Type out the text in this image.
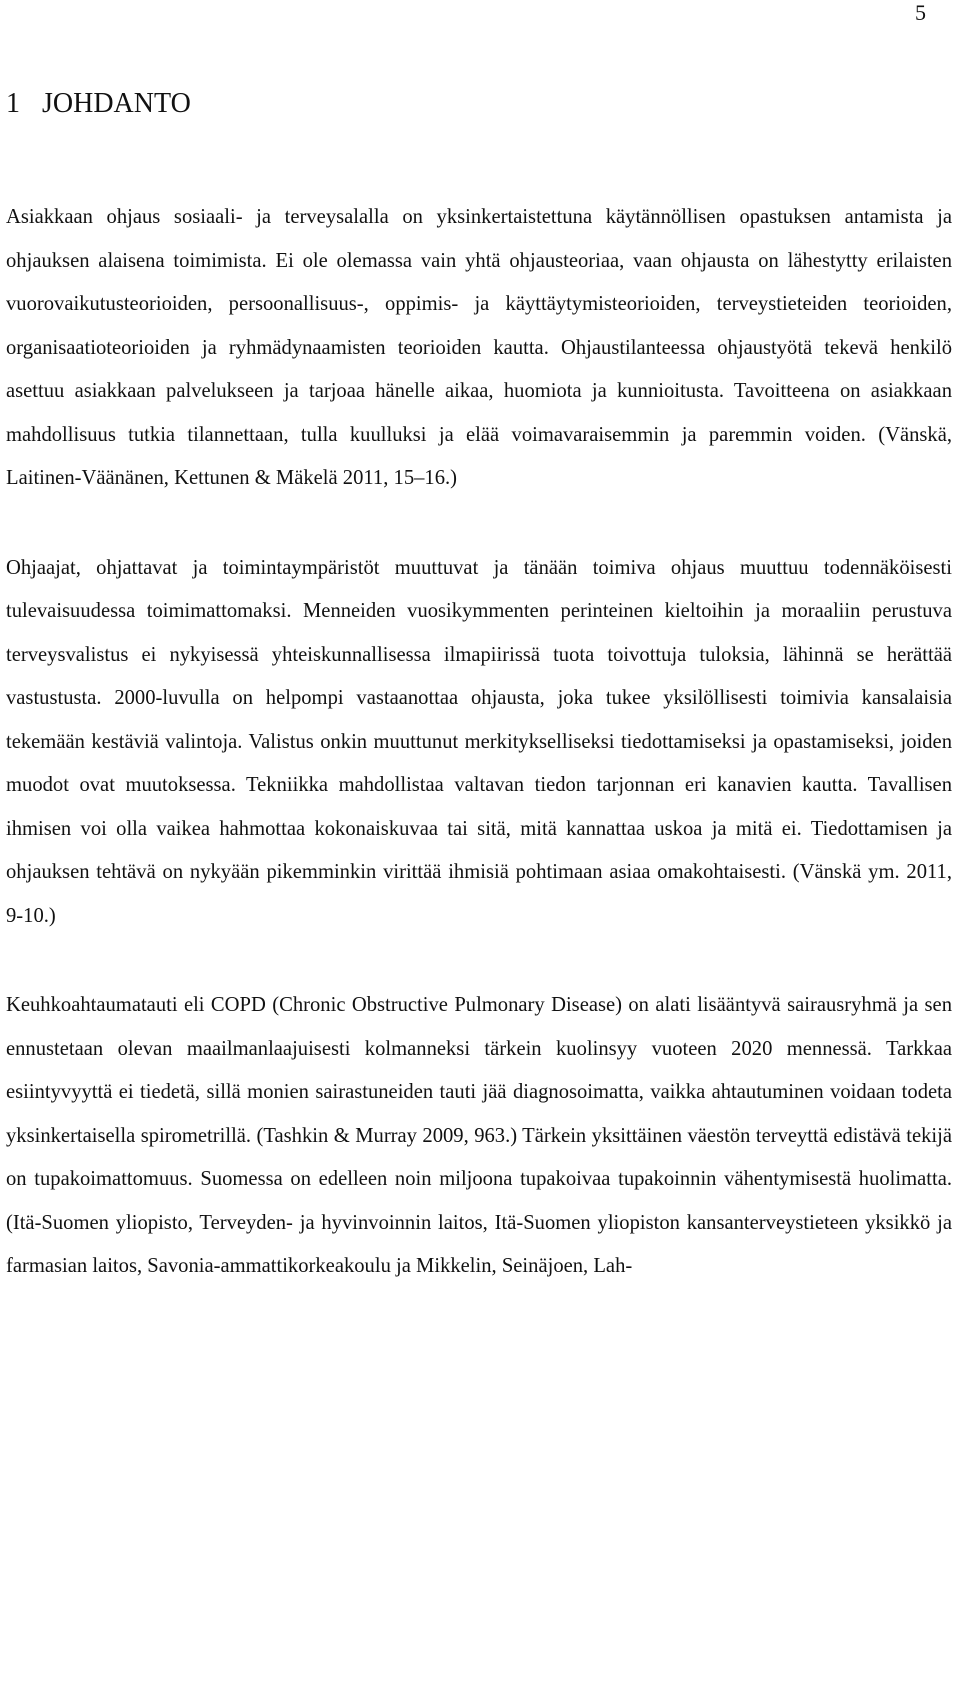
5
1 JOHDANTO

Asiakkaan ohjaus sosiaali- ja terveysalalla on yksinkertaistettuna käytännöllisen opastuksen antamista ja ohjauksen alaisena toimimista. Ei ole olemassa vain yhtä ohjausteoriaa, vaan ohjausta on lähestytty erilaisten vuorovaikutusteorioiden, persoonallisuus-, oppimis- ja käyttäytymisteorioiden, terveystieteiden teorioiden, organisaatioteorioiden ja ryhmädynaamisten teorioiden kautta. Ohjaustilanteessa ohjaustyötä tekevä henkilö asettuu asiakkaan palvelukseen ja tarjoaa hänelle aikaa, huomiota ja kunnioitusta. Tavoitteena on asiakkaan mahdollisuus tutkia tilannettaan, tulla kuulluksi ja elää voimavaraisemmin ja paremmin voiden. (Vänskä, Laitinen-Väänänen, Kettunen & Mäkelä 2011, 15–16.)

Ohjaajat, ohjattavat ja toimintaympäristöt muuttuvat ja tänään toimiva ohjaus muuttuu todennäköisesti tulevaisuudessa toimimattomaksi. Menneiden vuosikymmenten perinteinen kieltoihin ja moraaliin perustuva terveysvalistus ei nykyisessä yhteiskunnallisessa ilmapiirissä tuota toivottuja tuloksia, lähinnä se herättää vastustusta. 2000-luvulla on helpompi vastaanottaa ohjausta, joka tukee yksilöllisesti toimivia kansalaisia tekemään kestäviä valintoja. Valistus onkin muuttunut merkitykselliseksi tiedottamiseksi ja opastamiseksi, joiden muodot ovat muutoksessa. Tekniikka mahdollistaa valtavan tiedon tarjonnan eri kanavien kautta. Tavallisen ihmisen voi olla vaikea hahmottaa kokonaiskuvaa tai sitä, mitä kannattaa uskoa ja mitä ei. Tiedottamisen ja ohjauksen tehtävä on nykyään pikemminkin virittää ihmisiä pohtimaan asiaa omakohtaisesti. (Vänskä ym. 2011, 9-10.)

Keuhkoahtaumatauti eli COPD (Chronic Obstructive Pulmonary Disease) on alati lisääntyvä sairausryhmä ja sen ennustetaan olevan maailmanlaajuisesti kolmanneksi tärkein kuolinsyy vuoteen 2020 mennessä. Tarkkaa esiintyvyyttä ei tiedetä, sillä monien sairastuneiden tauti jää diagnosoimatta, vaikka ahtautuminen voidaan todeta yksinkertaisella spirometrillä. (Tashkin & Murray 2009, 963.) Tärkein yksittäinen väestön terveyttä edistävä tekijä on tupakoimattomuus. Suomessa on edelleen noin miljoona tupakoivaa tupakoinnin vähentymisestä huolimatta. (Itä-Suomen yliopisto, Terveyden- ja hyvinvoinnin laitos, Itä-Suomen yliopiston kansanterveystieteen yksikkö ja farmasian laitos, Savonia-ammattikorkeakoulu ja Mikkelin, Seinäjoen, Lah-
